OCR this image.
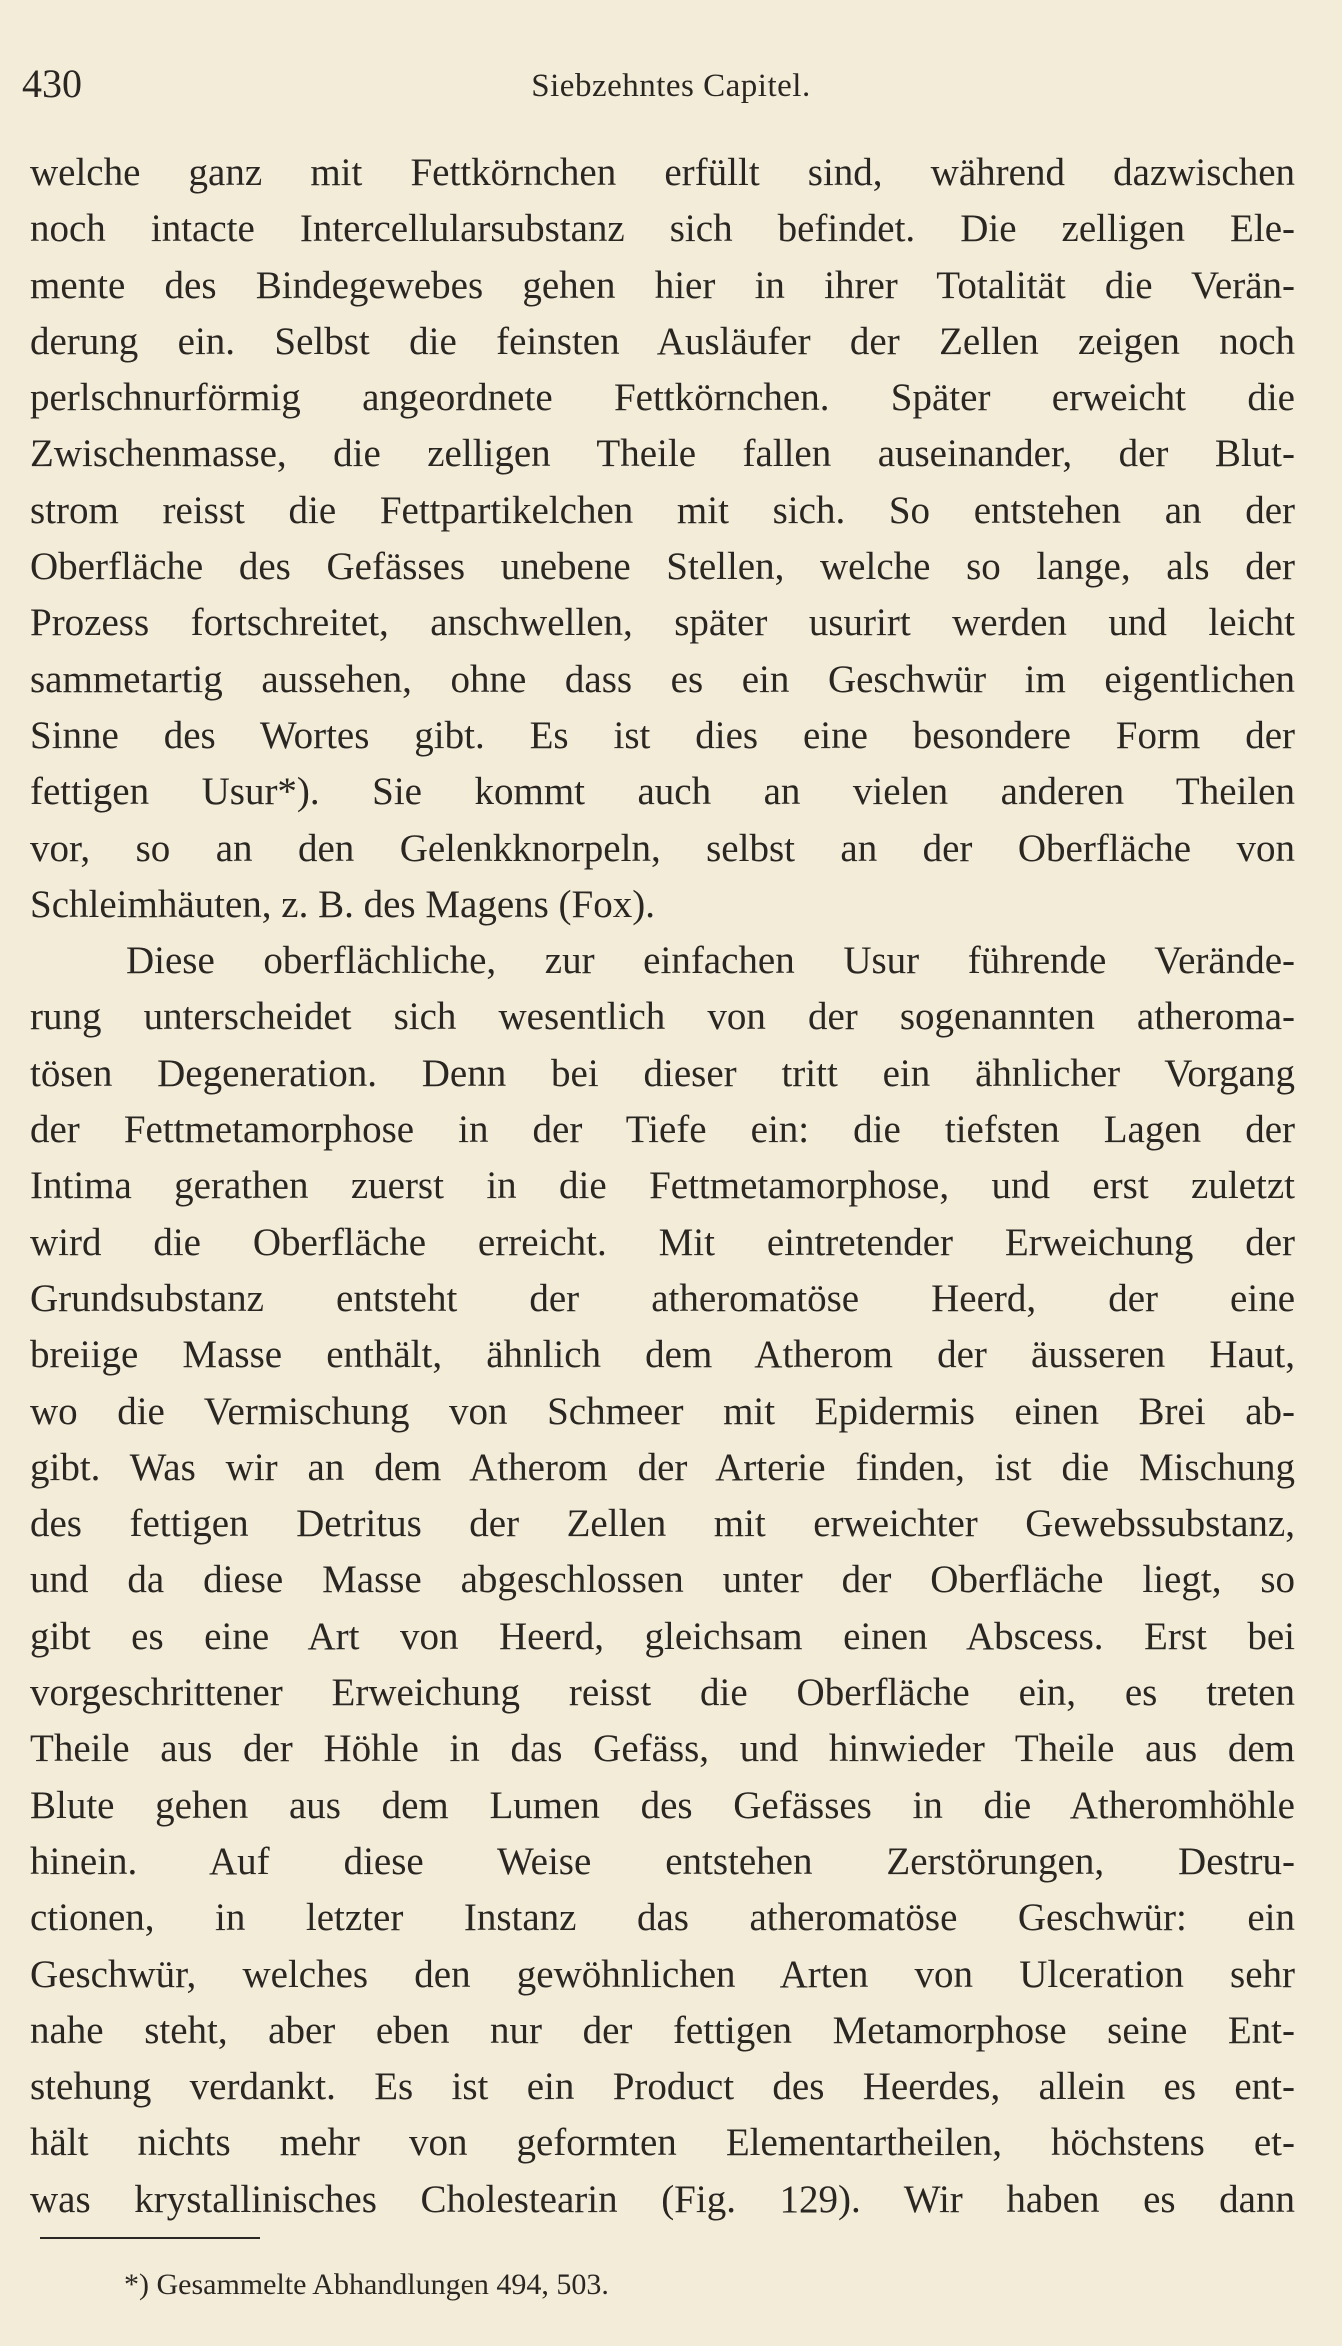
430	Siebzehntes Capitel.
welche ganz mit Fettkörnchen erfüllt sind, während dazwischen
noch intacte Intercellularsubstanz sich befindet. Die zelligen Ele-
mente des Bindegewebes gehen hier in ihrer Totalität die Verän-
derung ein. Selbst die feinsten Ausläufer der Zellen zeigen noch
perlschnurförmig angeordnete Fettkörnchen. Später erweicht die
Zwischenmasse, die zelligen Theile fallen auseinander, der Blut-
strom reisst die Fettpartikelchen mit sich. So entstehen an der
Oberfläche des Gefässes unebene Stellen, welche so lange, als der
Prozess fortschreitet, anschwellen, später usurirt werden und leicht
sammetartig aussehen, ohne dass es ein Geschwür im eigentlichen
Sinne des Wortes gibt. Es ist dies eine besondere Form der
fettigen Usur*). Sie kommt auch an vielen anderen Theilen
vor, so an den Gelenkknorpeln, selbst an der Oberfläche von
Schleimhäuten, z. B. des Magens (Fox).
Diese oberflächliche, zur einfachen Usur führende Verände-
rung unterscheidet sich wesentlich von der sogenannten atheroma-
tösen Degeneration. Denn bei dieser tritt ein ähnlicher Vorgang
der Fettmetamorphose in der Tiefe ein: die tiefsten Lagen der
Intima gerathen zuerst in die Fettmetamorphose, und erst zuletzt
wird die Oberfläche erreicht. Mit eintretender Erweichung der
Grundsubstanz entsteht der atheromatöse Heerd, der eine
breiige Masse enthält, ähnlich dem Atherom der äusseren Haut,
wo die Vermischung von Schmeer mit Epidermis einen Brei ab-
gibt. Was wir an dem Atherom der Arterie finden, ist die Mischung
des fettigen Detritus der Zellen mit erweichter Gewebssubstanz,
und da diese Masse abgeschlossen unter der Oberfläche liegt, so
gibt es eine Art von Heerd, gleichsam einen Abscess. Erst bei
vorgeschrittener Erweichung reisst die Oberfläche ein, es treten
Theile aus der Höhle in das Gefäss, und hinwieder Theile aus dem
Blute gehen aus dem Lumen des Gefässes in die Atheromhöhle
hinein. Auf diese Weise entstehen Zerstörungen, Destru-
ctionen, in letzter Instanz das atheromatöse Geschwür: ein
Geschwür, welches den gewöhnlichen Arten von Ulceration sehr
nahe steht, aber eben nur der fettigen Metamorphose seine Ent-
stehung verdankt. Es ist ein Product des Heerdes, allein es ent-
hält nichts mehr von geformten Elementartheilen, höchstens et-
was krystallinisches Cholestearin (Fig. 129). Wir haben es dann
*) Gesammelte Abhandlungen 494, 503.
